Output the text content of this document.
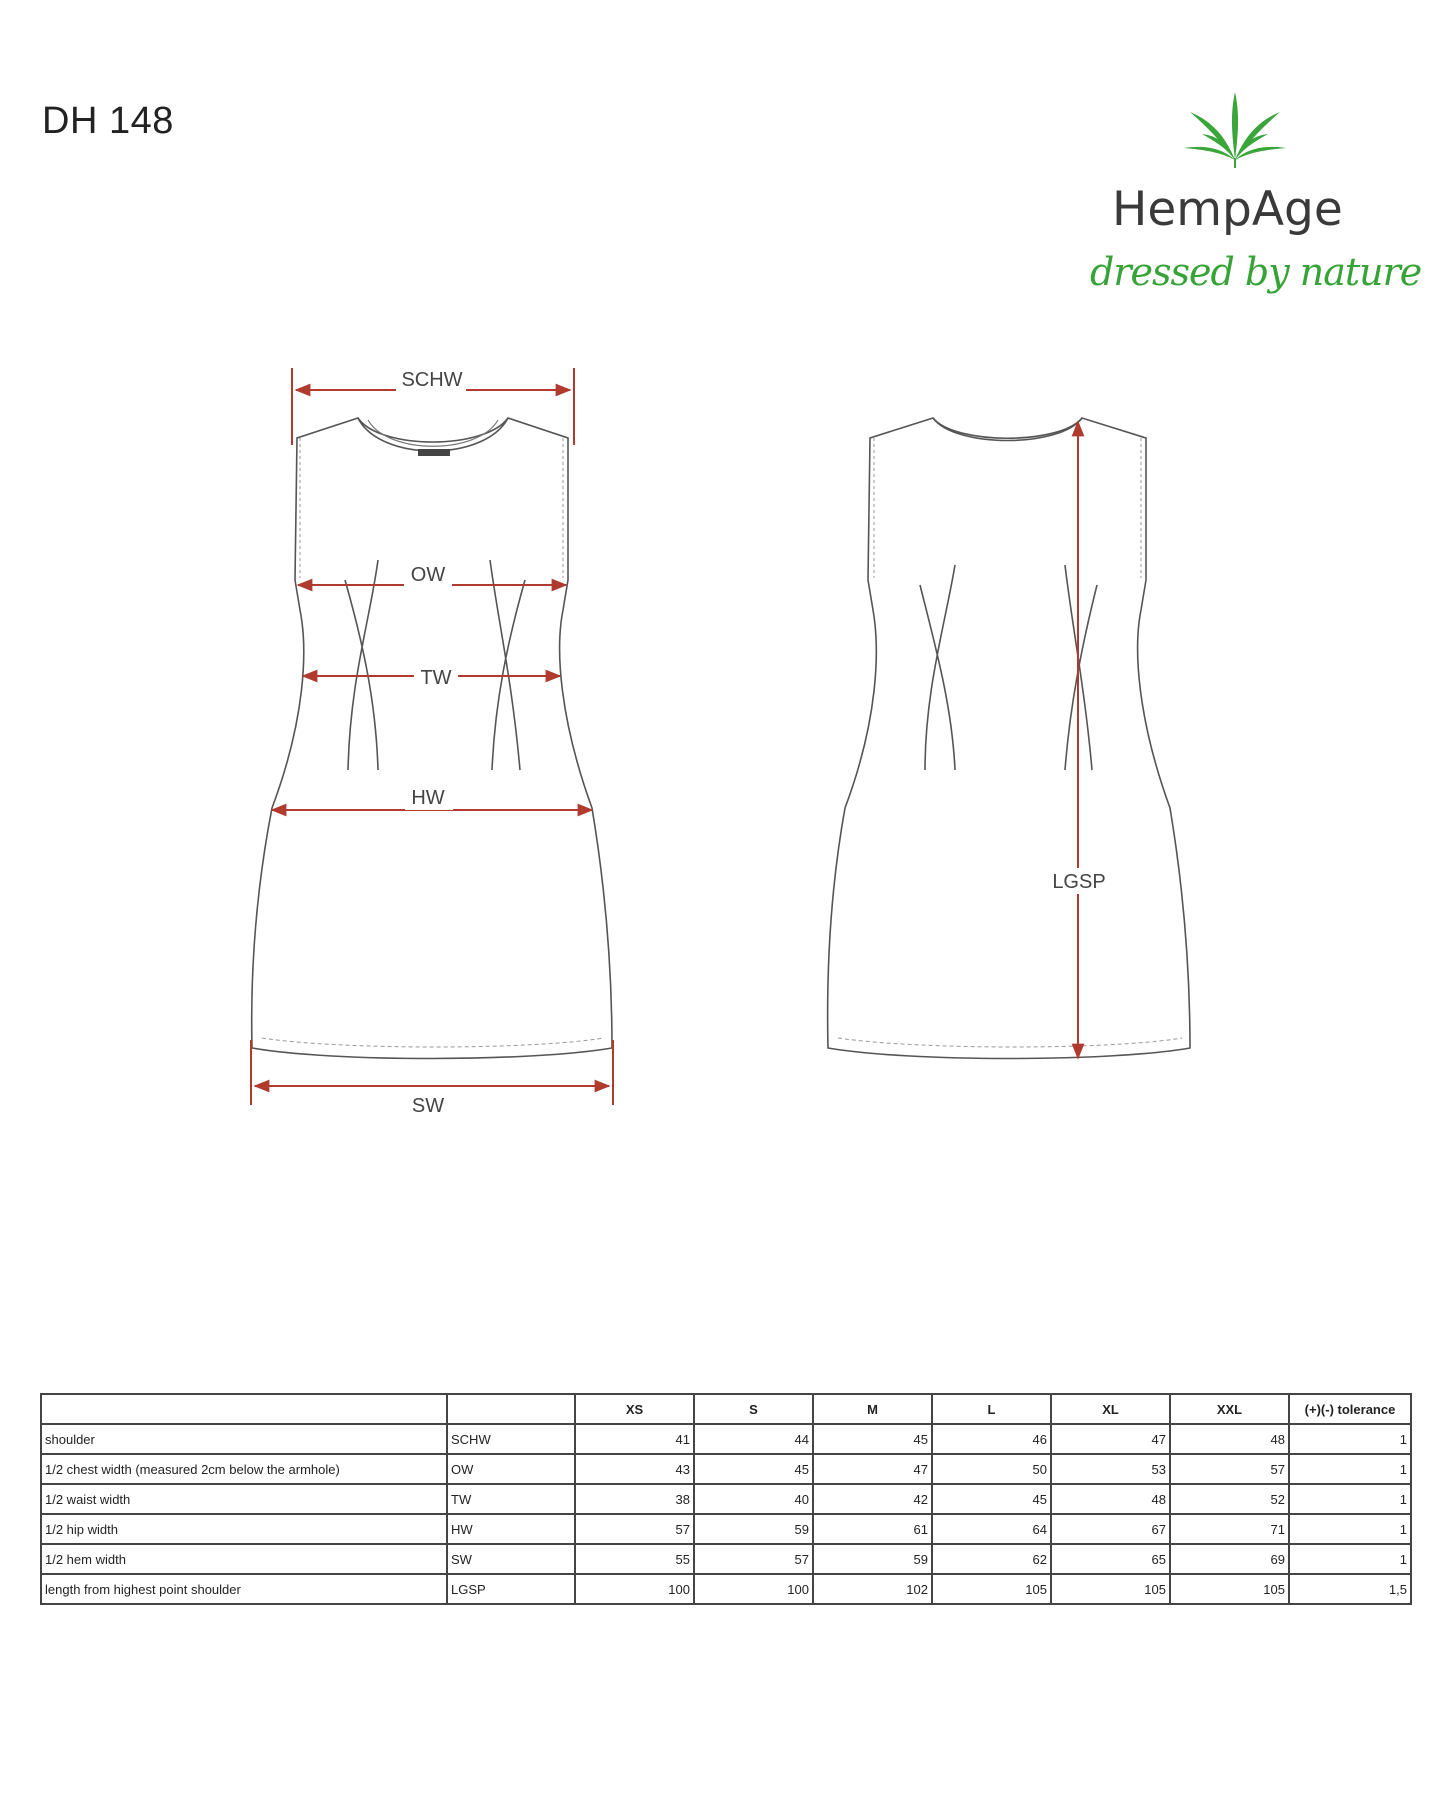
DH 148
HempAge
dressed by nature
SCHW
OW
TW
HW
SW
LGSP
		XS	S	M	L	XL	XXL	(+)(-) tolerance
shoulder	SCHW	41	44	45	46	47	48	1
1/2 chest width (measured 2cm below the armhole)	OW	43	45	47	50	53	57	1
1/2 waist width	TW	38	40	42	45	48	52	1
1/2 hip width	HW	57	59	61	64	67	71	1
1/2 hem width	SW	55	57	59	62	65	69	1
length from highest point shoulder	LGSP	100	100	102	105	105	105	1,5
